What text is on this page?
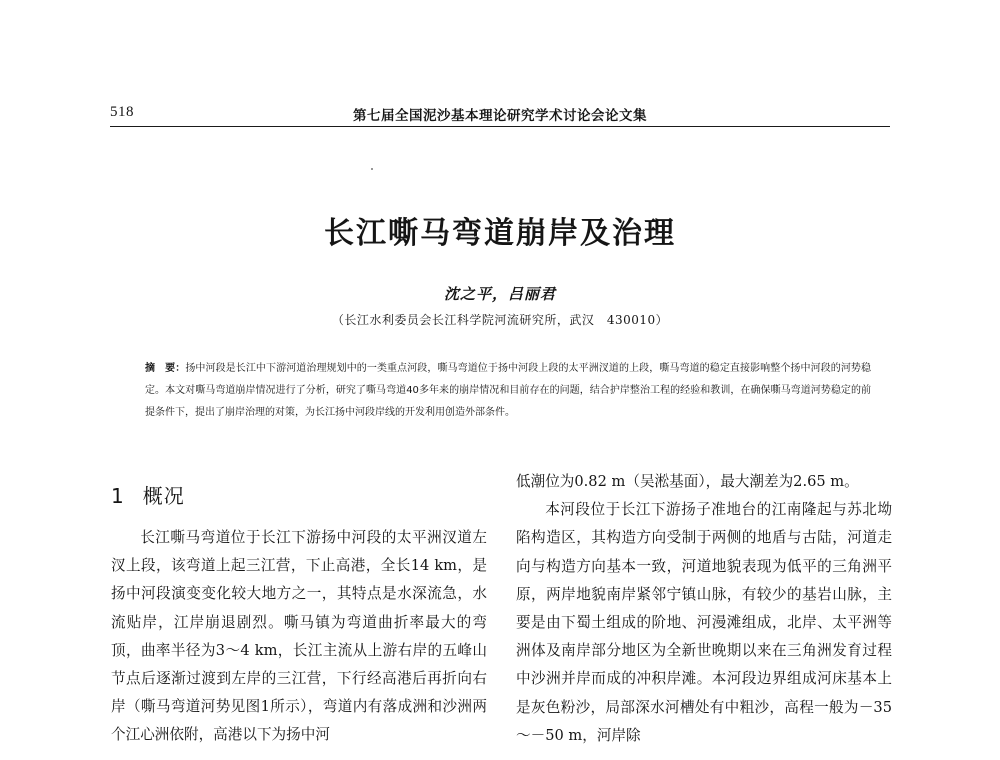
518	第七届全国泥沙基本理论研究学术讨论会论文集
长江嘶马弯道崩岸及治理
沈之平，吕丽君
（长江水利委员会长江科学院河流研究所，武汉　430010）
摘　要：扬中河段是长江中下游河道治理规划中的一类重点河段，嘶马弯道位于扬中河段上段的太平洲汊道的上段，嘶马弯道的稳定直接影响整个扬中河段的河势稳定。本文对嘶马弯道崩岸情况进行了分析，研究了嘶马弯道40多年来的崩岸情况和目前存在的问题，结合护岸整治工程的经验和教训，在确保嘶马弯道河势稳定的前提条件下，提出了崩岸治理的对策，为长江扬中河段岸线的开发利用创造外部条件。
1 概况

长江嘶马弯道位于长江下游扬中河段的太平洲汊道左汊上段，该弯道上起三江营，下止高港，全长14 km，是扬中河段演变变化较大地方之一，其特点是水深流急，水流贴岸，江岸崩退剧烈。嘶马镇为弯道曲折率最大的弯顶，曲率半径为3～4 km，长江主流从上游右岸的五峰山节点后逐渐过渡到左岸的三江营，下行经高港后再折向右岸（嘶马弯道河势见图1所示），弯道内有落成洲和沙洲两个江心洲依附，高港以下为扬中河

低潮位为0.82 m（吴淞基面），最大潮差为2.65 m。

本河段位于长江下游扬子准地台的江南隆起与苏北坳陷构造区，其构造方向受制于两侧的地盾与古陆，河道走向与构造方向基本一致，河道地貌表现为低平的三角洲平原，两岸地貌南岸紧邻宁镇山脉，有较少的基岩山脉，主要是由下蜀土组成的阶地、河漫滩组成，北岸、太平洲等洲体及南岸部分地区为全新世晚期以来在三角洲发育过程中沙洲并岸而成的冲积岸滩。本河段边界组成河床基本上是灰色粉沙，局部深水河槽处有中粗沙，高程一般为－35～－50 m，河岸除
